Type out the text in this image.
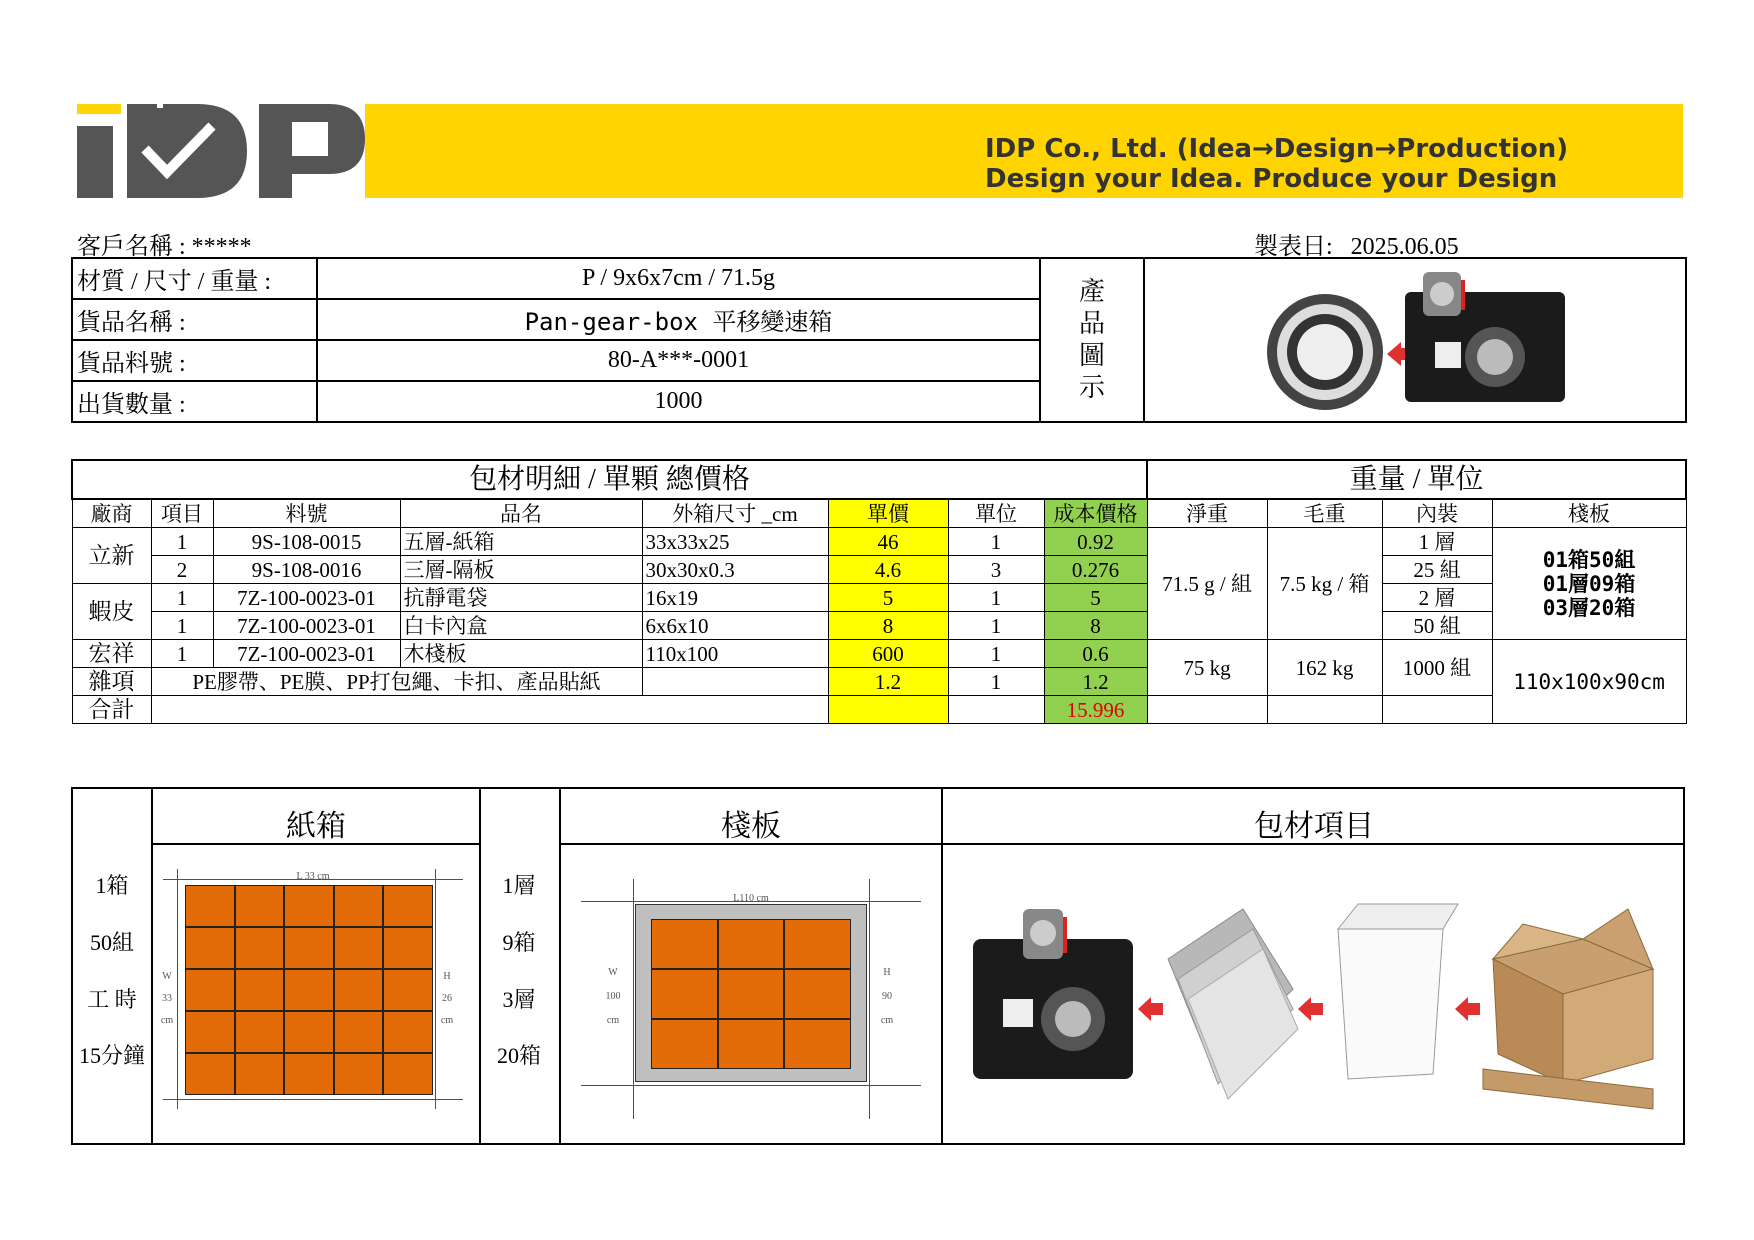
IDP Co., Ltd. (Idea→Design→Production)
Design your Idea. Produce your Design
客戶名稱 : *****	製表日: 2025.06.05
材質 / 尺寸 / 重量 :	P / 9x6x7cm / 71.5g	產
品
圖
示

貨品名稱 :	Pan-gear-box 平移變速箱		
貨品料號 :	80-A***-0001		
出貨數量 :	1000		
包材明細 / 單顆 總價格								重量 / 單位			
廠商	項目	料號	品名	外箱尺寸 _cm	單價	單位	成本價格	淨重	毛重	內裝	棧板
立新	1	9S-108-0015	五層-紙箱	33x33x25	46	1	0.92	71.5 g / 組	7.5 kg / 箱	1 層	01箱50組
01層09箱
03層20箱

	2	9S-108-0016	三層-隔板	30x30x0.3	4.6	3	0.276			25 組	
蝦皮	1	7Z-100-0023-01	抗靜電袋	16x19	5	1	5			2 層	
	1	7Z-100-0023-01	白卡內盒	6x6x10	8	1	8			50 組	
宏祥	1	7Z-100-0023-01	木棧板	110x100	600	1	0.6	75 kg	162 kg	1000 組	110x100x90cm
雜項	PE膠帶、PE膜、PP打包繩、卡扣、產品貼紙				1.2	1	1.2				
合計							15.996				
紙箱	棧板	包材項目
1箱
50組
工 時
15分鐘
1層
9箱
3層
20箱
L 33 cm
W
33
cm
H
26
cm
L110 cm
W
100
cm
H
90
cm
